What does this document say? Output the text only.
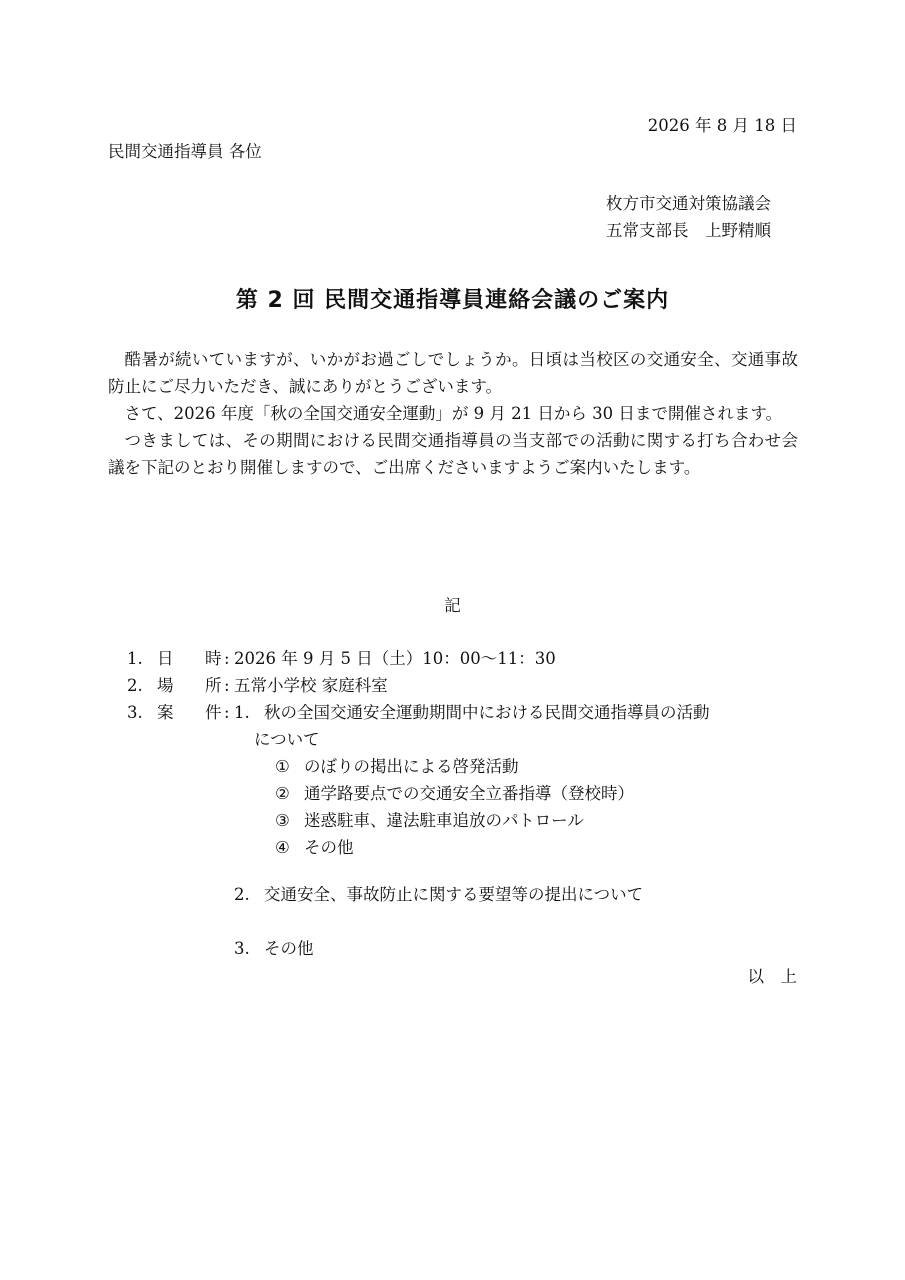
2026 年 8 月 18 日
民間交通指導員 各位
枚方市交通対策協議会
五常支部長　上野精順
第 2 回 民間交通指導員連絡会議のご案内

酷暑が続いていますが、いかがお過ごしでしょうか。日頃は当校区の交通安全、交通事故防止にご尽力いただき、誠にありがとうございます。

さて、2026 年度「秋の全国交通安全運動」が 9 月 21 日から 30 日まで開催されます。

つきましては、その期間における民間交通指導員の当支部での活動に関する打ち合わせ会議を下記のとおり開催しますので、ご出席くださいますようご案内いたします。

記
1. 日 時 : 2026 年 9 月 5 日（土）10：00～11：30
2. 場 所 : 五常小学校 家庭科室
3. 案 件 : 1. 秋の全国交通安全運動期間中における民間交通指導員の活動
について
① のぼりの掲出による啓発活動
② 通学路要点での交通安全立番指導（登校時）
③ 迷惑駐車、違法駐車追放のパトロール
④ その他
2. 交通安全、事故防止に関する要望等の提出について
3. その他
以　上
